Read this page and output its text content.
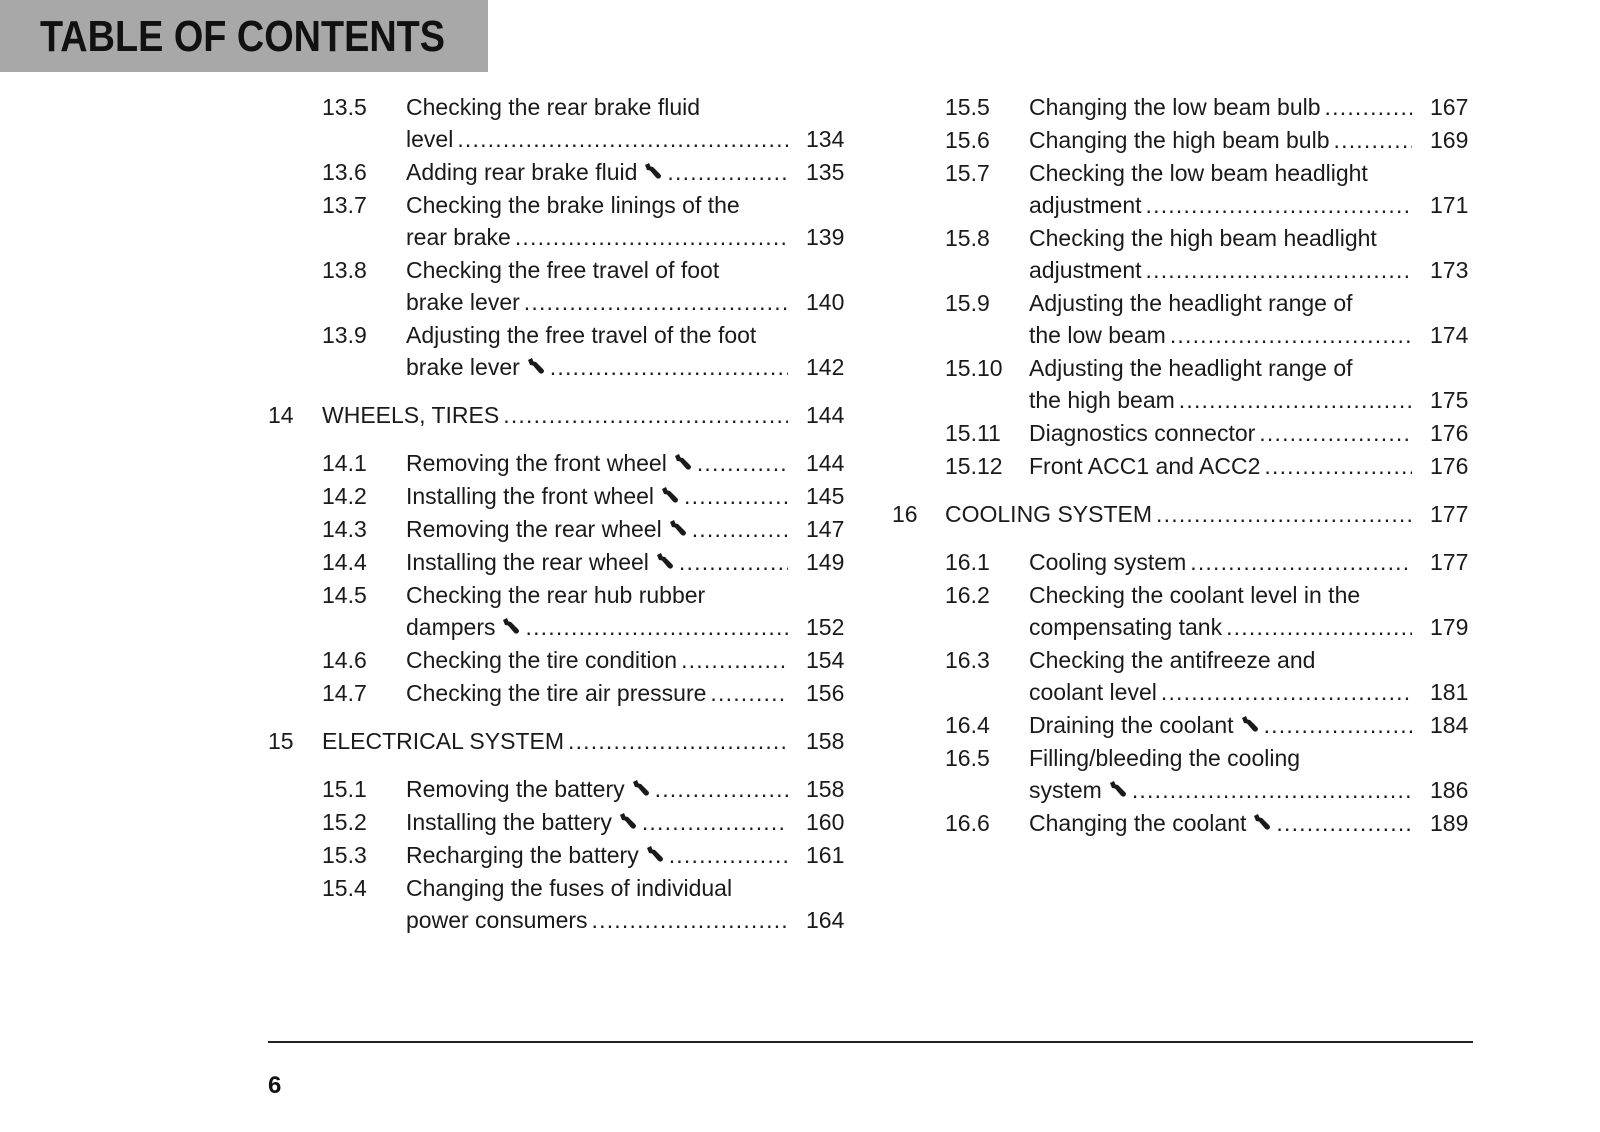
TABLE OF CONTENTS
13.5 Checking the rear brake fluid
level .....	134
13.6 Adding rear brake fluid .....	135
13.7 Checking the brake linings of the
rear brake .....	139
13.8 Checking the free travel of foot
brake lever .....	140
13.9 Adjusting the free travel of the foot
brake lever .....	142
14 WHEELS, TIRES .....	144
14.1 Removing the front wheel .....	144
14.2 Installing the front wheel .....	145
14.3 Removing the rear wheel .....	147
14.4 Installing the rear wheel .....	149
14.5 Checking the rear hub rubber
dampers .....	152
14.6 Checking the tire condition .....	154
14.7 Checking the tire air pressure .....	156
15 ELECTRICAL SYSTEM .....	158
15.1 Removing the battery .....	158
15.2 Installing the battery .....	160
15.3 Recharging the battery .....	161
15.4 Changing the fuses of individual
power consumers .....	164
15.5 Changing the low beam bulb .....	167
15.6 Changing the high beam bulb .....	169
15.7 Checking the low beam headlight
adjustment .....	171
15.8 Checking the high beam headlight
adjustment .....	173
15.9 Adjusting the headlight range of
the low beam .....	174
15.10 Adjusting the headlight range of
the high beam .....	175
15.11 Diagnostics connector .....	176
15.12 Front ACC1 and ACC2 .....	176
16 COOLING SYSTEM .....	177
16.1 Cooling system .....	177
16.2 Checking the coolant level in the
compensating tank .....	179
16.3 Checking the antifreeze and
coolant level .....	181
16.4 Draining the coolant .....	184
16.5 Filling/bleeding the cooling
system .....	186
16.6 Changing the coolant .....	189
6
